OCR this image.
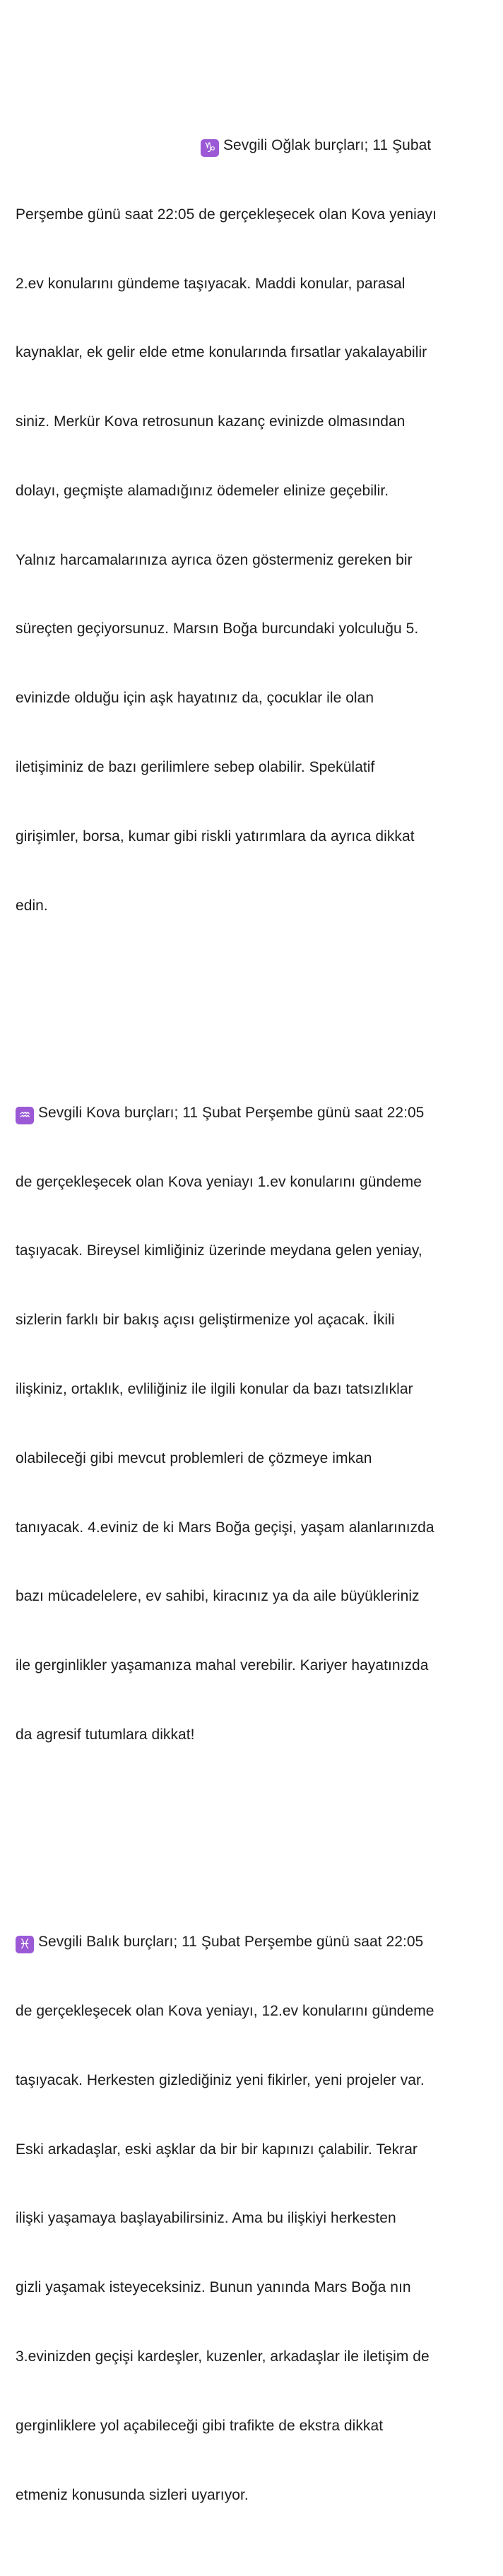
♑ Sevgili Oğlak burçları; 11 Şubat

Perşembe günü saat 22:05 de gerçekleşecek olan Kova yeniayı

2.ev konularını gündeme taşıyacak. Maddi konular, parasal

kaynaklar, ek gelir elde etme konularında fırsatlar yakalayabilir

siniz. Merkür Kova retrosunun kazanç evinizde olmasından

dolayı, geçmişte alamadığınız ödemeler elinize geçebilir.

Yalnız harcamalarınıza ayrıca özen göstermeniz gereken bir

süreçten geçiyorsunuz. Marsın Boğa burcundaki yolculuğu 5.

evinizde olduğu için aşk hayatınız da, çocuklar ile olan

iletişiminiz de bazı gerilimlere sebep olabilir. Spekülatif

girişimler, borsa, kumar gibi riskli yatırımlara da ayrıca dikkat

edin.

♒ Sevgili Kova burçları; 11 Şubat Perşembe günü saat 22:05

de gerçekleşecek olan Kova yeniayı 1.ev konularını gündeme

taşıyacak. Bireysel kimliğiniz üzerinde meydana gelen yeniay,

sizlerin farklı bir bakış açısı geliştirmenize yol açacak. İkili

ilişkiniz, ortaklık, evliliğiniz ile ilgili konular da bazı tatsızlıklar

olabileceği gibi mevcut problemleri de çözmeye imkan

tanıyacak. 4.eviniz de ki Mars Boğa geçişi, yaşam alanlarınızda

bazı mücadelelere, ev sahibi, kiracınız ya da aile büyükleriniz

ile gerginlikler yaşamanıza mahal verebilir. Kariyer hayatınızda

da agresif tutumlara dikkat!

♓ Sevgili Balık burçları; 11 Şubat Perşembe günü saat 22:05

de gerçekleşecek olan Kova yeniayı, 12.ev konularını gündeme

taşıyacak. Herkesten gizlediğiniz yeni fikirler, yeni projeler var.

Eski arkadaşlar, eski aşklar da bir bir kapınızı çalabilir. Tekrar

ilişki yaşamaya başlayabilirsiniz. Ama bu ilişkiyi herkesten

gizli yaşamak isteyeceksiniz. Bunun yanında Mars Boğa nın

3.evinizden geçişi kardeşler, kuzenler, arkadaşlar ile iletişim de

gerginliklere yol açabileceği gibi trafikte de ekstra dikkat

etmeniz konusunda sizleri uyarıyor.
